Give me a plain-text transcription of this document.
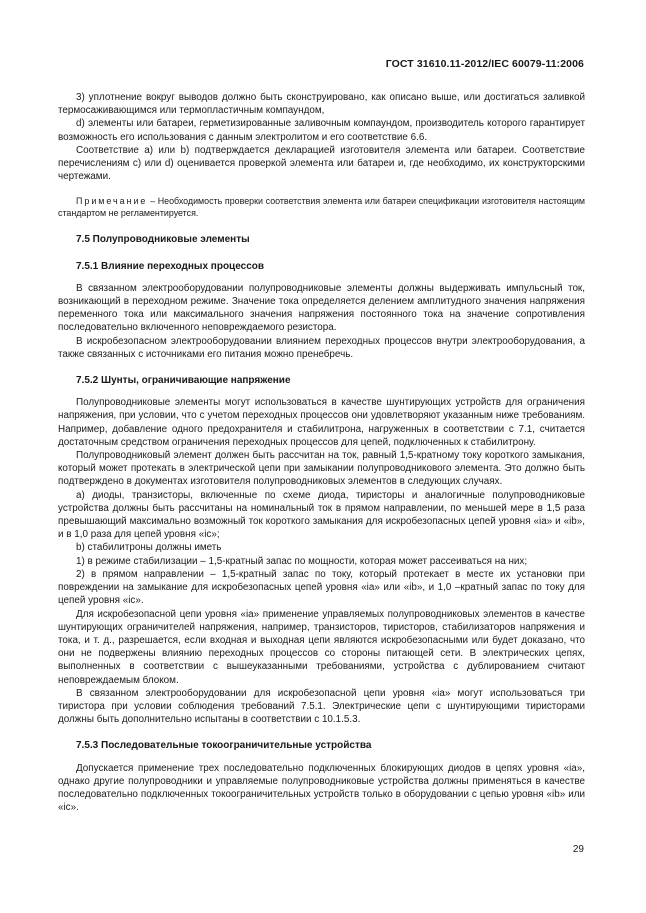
ГОСТ 31610.11-2012/IEC 60079-11:2006

3) уплотнение вокруг выводов должно быть сконструировано, как описано выше, или достигаться заливкой термосаживающимся или термопластичным компаундом,

d) элементы или батареи, герметизированные заливочным компаундом, производитель которого гарантирует возможность его использования с данным электролитом и его соответствие 6.6.

Соответствие a) или b) подтверждается декларацией изготовителя элемента или батареи. Соответствие перечислениям c) или d) оценивается проверкой элемента или батареи и, где необходимо, их конструкторскими чертежами.

Примечание – Необходимость проверки соответствия элемента или батареи спецификации изготовителя настоящим стандартом не регламентируется.

7.5 Полупроводниковые элементы
7.5.1 Влияние переходных процессов

В связанном электрооборудовании полупроводниковые элементы должны выдерживать импульсный ток, возникающий в переходном режиме. Значение тока определяется делением амплитудного значения напряжения переменного тока или максимального значения напряжения постоянного тока на значение сопротивления последовательно включенного неповреждаемого резистора.

В искробезопасном электрооборудовании влиянием переходных процессов внутри электрооборудования, а также связанных с источниками его питания можно пренебречь.

7.5.2 Шунты, ограничивающие напряжение

Полупроводниковые элементы могут использоваться в качестве шунтирующих устройств для ограничения напряжения, при условии, что с учетом переходных процессов они удовлетворяют указанным ниже требованиям. Например, добавление одного предохранителя и стабилитрона, нагруженных в соответствии с 7.1, считается достаточным средством ограничения переходных процессов для цепей, подключенных к стабилитрону.

Полупроводниковый элемент должен быть рассчитан на ток, равный 1,5-кратному току короткого замыкания, который может протекать в электрической цепи при замыкании полупроводникового элемента. Это должно быть подтверждено в документах изготовителя полупроводниковых элементов в следующих случаях.

a) диоды, транзисторы, включенные по схеме диода, тиристоры и аналогичные полупроводниковые устройства должны быть рассчитаны на номинальный ток в прямом направлении, по меньшей мере в 1,5 раза превышающий максимально возможный ток короткого замыкания для искробезопасных цепей уровня «ia» и «ib», и в 1,0 раза для цепей уровня «ic»;

b) стабилитроны должны иметь

1) в режиме стабилизации – 1,5-кратный запас по мощности, которая может рассеиваться на них;

2) в прямом направлении – 1,5-кратный запас по току, который протекает в месте их установки при повреждении на замыкание для искробезопасных цепей уровня «ia» или «ib», и 1,0 –кратный запас по току для цепей уровня «ic».

Для искробезопасной цепи уровня «ia» применение управляемых полупроводниковых элементов в качестве шунтирующих ограничителей напряжения, например, транзисторов, тиристоров, стабилизаторов напряжения и тока, и т. д., разрешается, если входная и выходная цепи являются искробезопасными или будет доказано, что они не подвержены влиянию переходных процессов со стороны питающей сети. В электрических цепях, выполненных в соответствии с вышеуказанными требованиями, устройства с дублированием считают неповреждаемым блоком.

В связанном электрооборудовании для искробезопасной цепи уровня «ia» могут использоваться три тиристора при условии соблюдения требований 7.5.1. Электрические цепи с шунтирующими тиристорами должны быть дополнительно испытаны в соответствии с 10.1.5.3.

7.5.3 Последовательные токоограничительные устройства

Допускается применение трех последовательно подключенных блокирующих диодов в цепях уровня «ia», однако другие полупроводники и управляемые полупроводниковые устройства должны применяться в качестве последовательно подключенных токоограничительных устройств только в оборудовании с цепью уровня «ib» или «ic».

29
